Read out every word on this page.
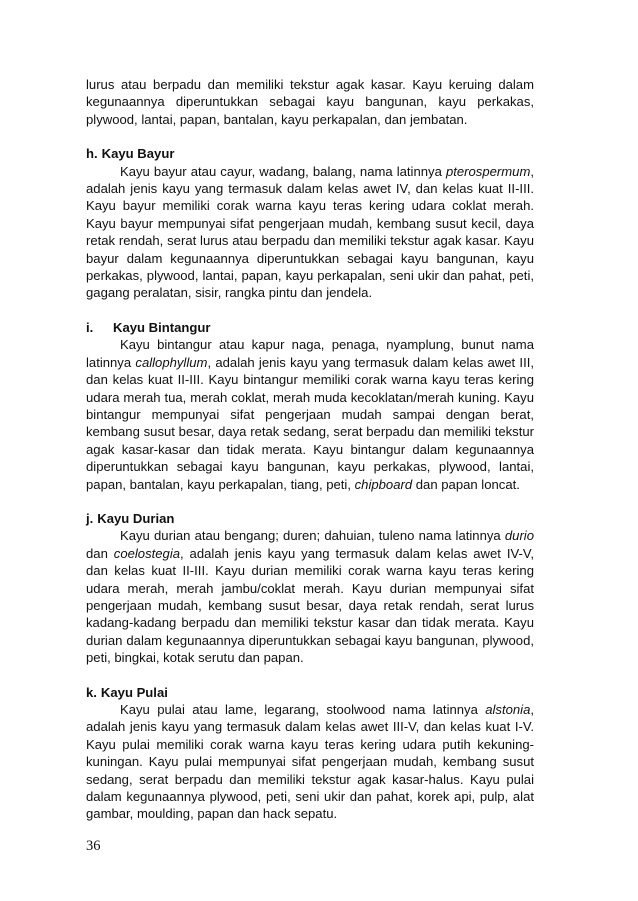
lurus atau berpadu dan memiliki tekstur agak kasar. Kayu keruing dalam kegunaannya diperuntukkan sebagai kayu bangunan, kayu perkakas, plywood, lantai, papan, bantalan, kayu perkapalan, dan jembatan.

h. Kayu Bayur

Kayu bayur atau cayur, wadang, balang, nama latinnya pterospermum, adalah jenis kayu yang termasuk dalam kelas awet IV, dan kelas kuat II-III. Kayu bayur memiliki corak warna kayu teras kering udara coklat merah. Kayu bayur mempunyai sifat pengerjaan mudah, kembang susut kecil, daya retak rendah, serat lurus atau berpadu dan memiliki tekstur agak kasar. Kayu bayur dalam kegunaannya diperuntukkan sebagai kayu bangunan, kayu perkakas, plywood, lantai, papan, kayu perkapalan, seni ukir dan pahat, peti, gagang peralatan, sisir, rangka pintu dan jendela.

i. Kayu Bintangur

Kayu bintangur atau kapur naga, penaga, nyamplung, bunut nama latinnya callophyllum, adalah jenis kayu yang termasuk dalam kelas awet III, dan kelas kuat II-III. Kayu bintangur memiliki corak warna kayu teras kering udara merah tua, merah coklat, merah muda kecoklatan/merah kuning. Kayu bintangur mempunyai sifat pengerjaan mudah sampai dengan berat, kembang susut besar, daya retak sedang, serat berpadu dan memiliki tekstur agak kasar-kasar dan tidak merata. Kayu bintangur dalam kegunaannya diperuntukkan sebagai kayu bangunan, kayu perkakas, plywood, lantai, papan, bantalan, kayu perkapalan, tiang, peti, chipboard dan papan loncat.

j. Kayu Durian

Kayu durian atau bengang; duren; dahuian, tuleno nama latinnya durio dan coelostegia, adalah jenis kayu yang termasuk dalam kelas awet IV-V, dan kelas kuat II-III. Kayu durian memiliki corak warna kayu teras kering udara merah, merah jambu/coklat merah. Kayu durian mempunyai sifat pengerjaan mudah, kembang susut besar, daya retak rendah, serat lurus kadang-kadang berpadu dan memiliki tekstur kasar dan tidak merata. Kayu durian dalam kegunaannya diperuntukkan sebagai kayu bangunan, plywood, peti, bingkai, kotak serutu dan papan.

k. Kayu Pulai

Kayu pulai atau lame, legarang, stoolwood nama latinnya alstonia, adalah jenis kayu yang termasuk dalam kelas awet III-V, dan kelas kuat I-V. Kayu pulai memiliki corak warna kayu teras kering udara putih kekuning-kuningan. Kayu pulai mempunyai sifat pengerjaan mudah, kembang susut sedang, serat berpadu dan memiliki tekstur agak kasar-halus. Kayu pulai dalam kegunaannya plywood, peti, seni ukir dan pahat, korek api, pulp, alat gambar, moulding, papan dan hack sepatu.

36
